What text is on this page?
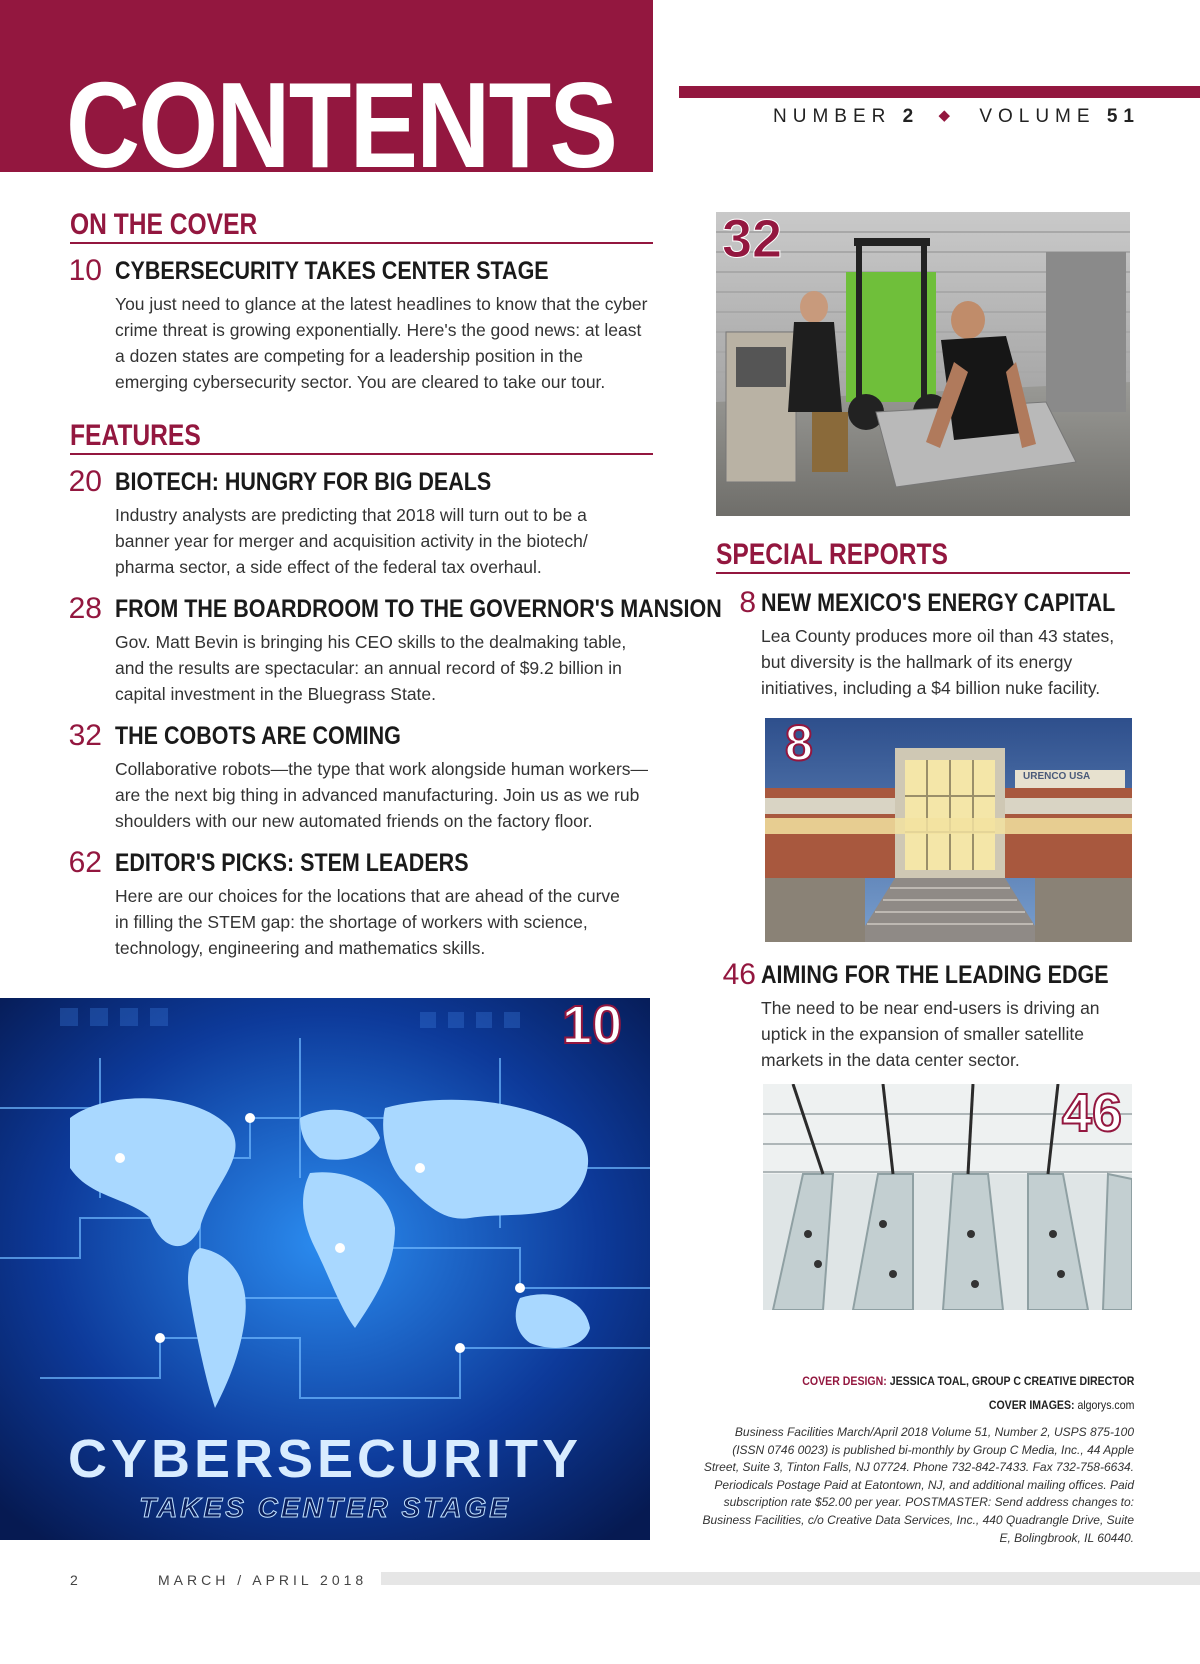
CONTENTS	NUMBER 2 ◆ VOLUME 51
ON THE COVER
10 CYBERSECURITY TAKES CENTER STAGE

You just need to glance at the latest headlines to know that the cyber crime threat is growing exponentially. Here's the good news: at least a dozen states are competing for a leadership position in the emerging cybersecurity sector. You are cleared to take our tour.

FEATURES
20 BIOTECH: HUNGRY FOR BIG DEALS

Industry analysts are predicting that 2018 will turn out to be a banner year for merger and acquisition activity in the biotech/ pharma sector, a side effect of the federal tax overhaul.

28 FROM THE BOARDROOM TO THE GOVERNOR'S MANSION

Gov. Matt Bevin is bringing his CEO skills to the dealmaking table, and the results are spectacular: an annual record of $9.2 billion in capital investment in the Bluegrass State.

32 THE COBOTS ARE COMING

Collaborative robots—the type that work alongside human workers—are the next big thing in advanced manufacturing. Join us as we rub shoulders with our new automated friends on the factory floor.

62 EDITOR'S PICKS: STEM LEADERS

Here are our choices for the locations that are ahead of the curve in filling the STEM gap: the shortage of workers with science, technology, engineering and mathematics skills.

32
SPECIAL REPORTS
8 NEW MEXICO'S ENERGY CAPITAL

Lea County produces more oil than 43 states, but diversity is the hallmark of its energy initiatives, including a $4 billion nuke facility.

URENCO USA
8
46 AIMING FOR THE LEADING EDGE

The need to be near end-users is driving an uptick in the expansion of smaller satellite markets in the data center sector.

46
CYBERSECURITY
TAKES CENTER STAGE
10
COVER DESIGN: JESSICA TOAL, GROUP C CREATIVE DIRECTOR
COVER IMAGES: algorys.com

Business Facilities March/April 2018 Volume 51, Number 2, USPS 875-100 (ISSN 0746 0023) is published bi-monthly by Group C Media, Inc., 44 Apple Street, Suite 3, Tinton Falls, NJ 07724. Phone 732-842-7433. Fax 732-758-6634. Periodicals Postage Paid at Eatontown, NJ, and additional mailing offices. Paid subscription rate $52.00 per year. POSTMASTER: Send address changes to: Business Facilities, c/o Creative Data Services, Inc., 440 Quadrangle Drive, Suite E, Bolingbrook, IL 60440.

2	MARCH / APRIL 2018
